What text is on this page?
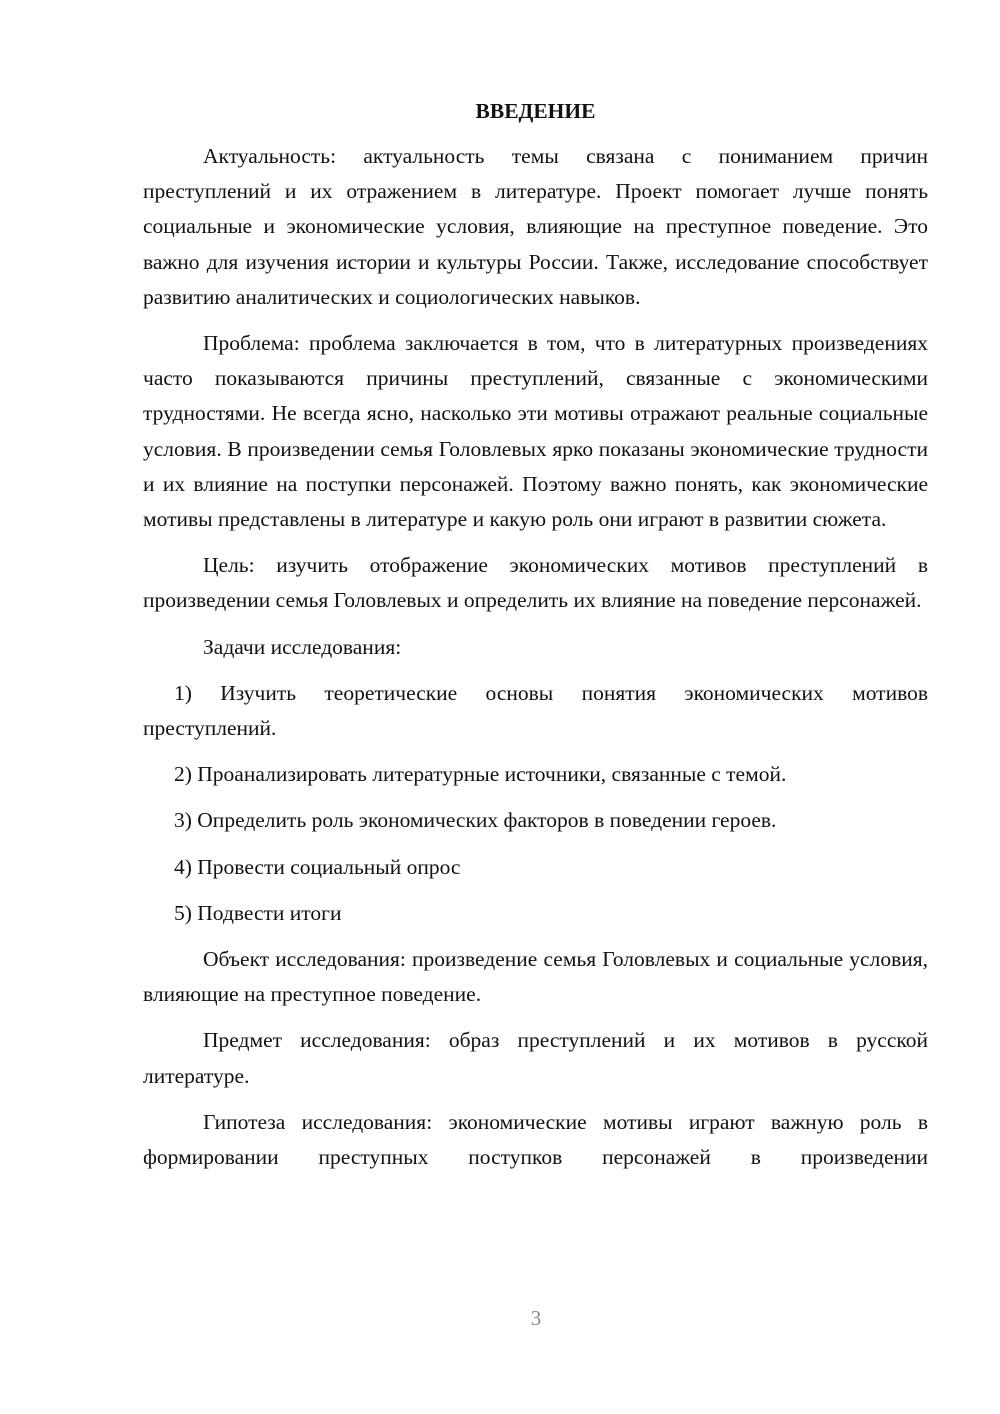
ВВЕДЕНИЕ

Актуальность: актуальность темы связана с пониманием причин преступлений и их отражением в литературе. Проект помогает лучше понять социальные и экономические условия, влияющие на преступное поведение. Это важно для изучения истории и культуры России. Также, исследование способствует развитию аналитических и социологических навыков.

Проблема: проблема заключается в том, что в литературных произведениях часто показываются причины преступлений, связанные с экономическими трудностями. Не всегда ясно, насколько эти мотивы отражают реальные социальные условия. В произведении семья Головлевых ярко показаны экономические трудности и их влияние на поступки персонажей. Поэтому важно понять, как экономические мотивы представлены в литературе и какую роль они играют в развитии сюжета.

Цель: изучить отображение экономических мотивов преступлений в произведении семья Головлевых и определить их влияние на поведение персонажей.

Задачи исследования:

1) Изучить теоретические основы понятия экономических мотивов преступлений.

2) Проанализировать литературные источники, связанные с темой.

3) Определить роль экономических факторов в поведении героев.

4) Провести социальный опрос

5) Подвести итоги

Объект исследования: произведение семья Головлевых и социальные условия, влияющие на преступное поведение.

Предмет исследования: образ преступлений и их мотивов в русской литературе.

Гипотеза исследования: экономические мотивы играют важную роль в формировании преступных поступков персонажей в произведении

3
